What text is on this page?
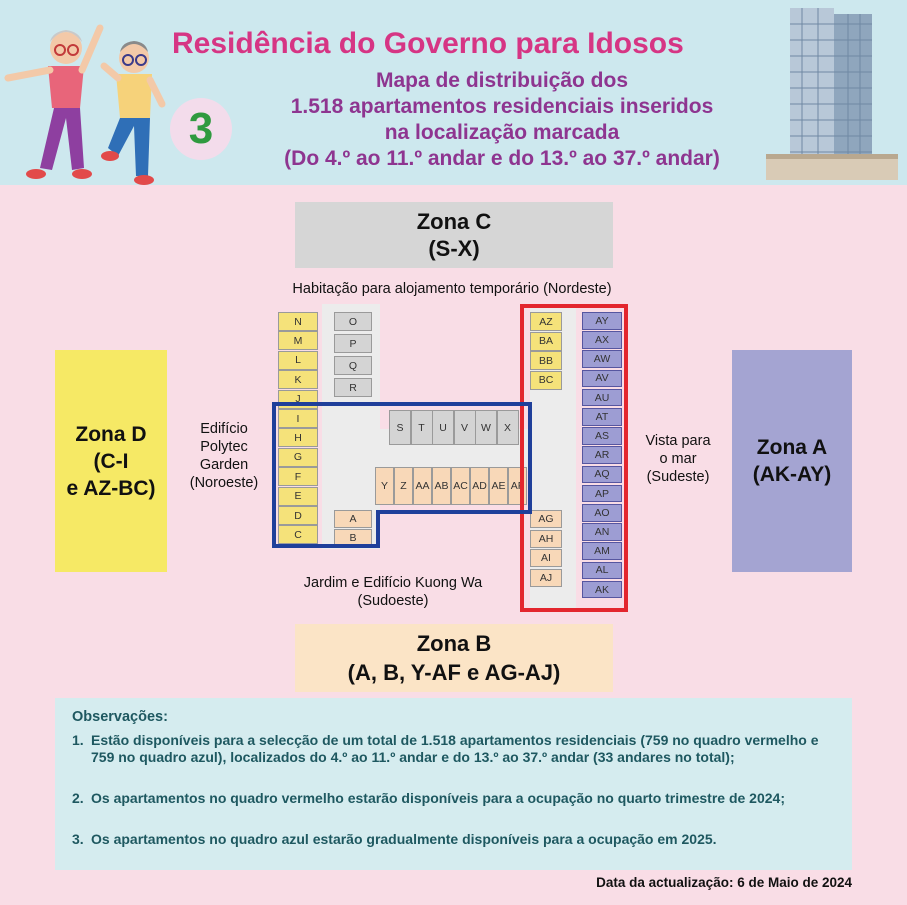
Residência do Governo para Idosos
3
Mapa de distribuição dos
1.518 apartamentos residenciais inseridos
na localização marcada
(Do 4.º ao 11.º andar e do 13.º ao 37.º andar)
Zona C
(S-X)
Zona B
(A, B, Y-AF e AG-AJ)
Zona D
(C-I
e AZ-BC)
Zona A
(AK-AY)
Habitação para alojamento temporário (Nordeste)
Edifício
Polytec
Garden
(Noroeste)
Vista para
o mar
(Sudeste)
Jardim e Edifício Kuong Wa
(Sudoeste)
N
M
L
K
J
I
H
G
F
E
D
C
O
P
Q
R
A
B
S	T	U	V	W	X
Y	Z AA AB AC AD AE AF
AZ
BA
BB
BC
AG
AH
AI
AJ
AY
AX
AW
AV
AU
AT
AS
AR
AQ
AP
AO
AN
AM
AL
AK
Observações:
1. Estão disponíveis para a selecção de um total de 1.518 apartamentos residenciais (759 no quadro vermelho e 759 no quadro azul), localizados do 4.º ao 11.º andar e do 13.º ao 37.º andar (33 andares no total);
2. Os apartamentos no quadro vermelho estarão disponíveis para a ocupação no quarto trimestre de 2024;
3. Os apartamentos no quadro azul estarão gradualmente disponíveis para a ocupação em 2025.
Data da actualização: 6 de Maio de 2024
